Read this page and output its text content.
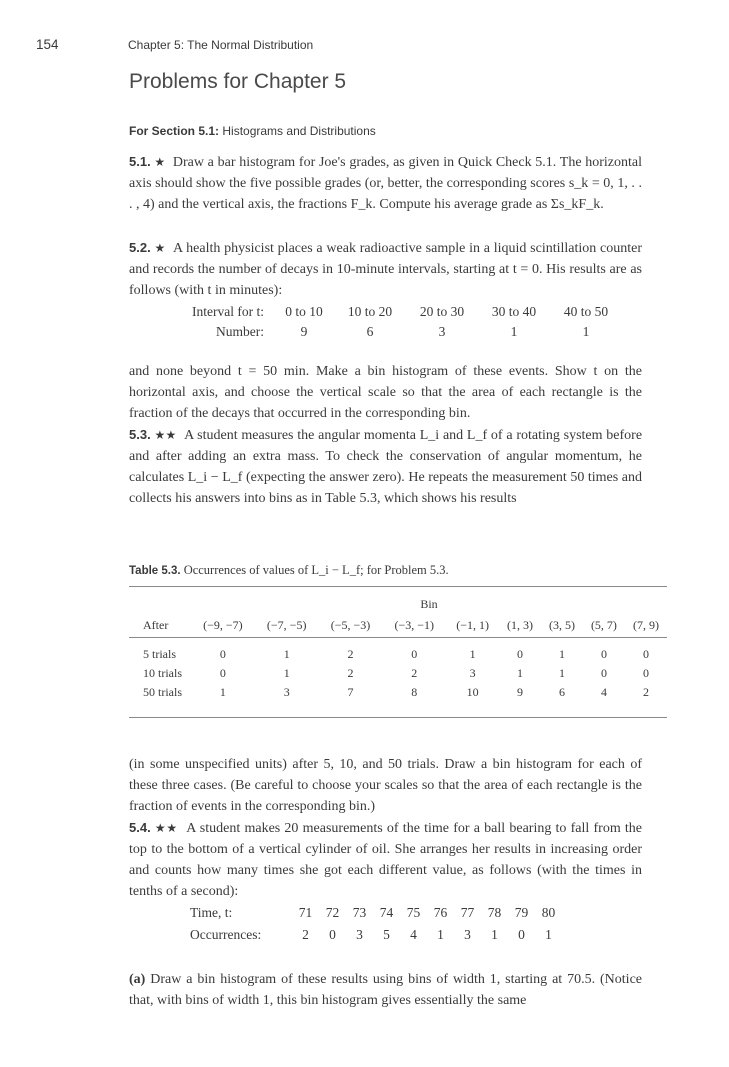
154	Chapter 5: The Normal Distribution
Problems for Chapter 5
For Section 5.1: Histograms and Distributions
5.1. ★ Draw a bar histogram for Joe's grades, as given in Quick Check 5.1. The horizontal axis should show the five possible grades (or, better, the corresponding scores s_k = 0, 1, . . . , 4) and the vertical axis, the fractions F_k. Compute his average grade as Σs_kF_k.
5.2. ★ A health physicist places a weak radioactive sample in a liquid scintillation counter and records the number of decays in 10-minute intervals, starting at t = 0. His results are as follows (with t in minutes):
Interval for t:	0 to 10	10 to 20	20 to 30	30 to 40	40 to 50
Number:	9	6	3	1	1
and none beyond t = 50 min. Make a bin histogram of these events. Show t on the horizontal axis, and choose the vertical scale so that the area of each rectangle is the fraction of the decays that occurred in the corresponding bin.
5.3. ★★ A student measures the angular momenta L_i and L_f of a rotating system before and after adding an extra mass. To check the conservation of angular momentum, he calculates L_i − L_f (expecting the answer zero). He repeats the measurement 50 times and collects his answers into bins as in Table 5.3, which shows his results
Table 5.3. Occurrences of values of L_i − L_f; for Problem 5.3.
	Bin								
After	(−9, −7)	(−7, −5)	(−5, −3)	(−3, −1)	(−1, 1)	(1, 3)	(3, 5)	(5, 7)	(7, 9)

5 trials	0	1	2	0	1	0	1	0	0
10 trials	0	1	2	2	3	1	1	0	0
50 trials	1	3	7	8	10	9	6	4	2
(in some unspecified units) after 5, 10, and 50 trials. Draw a bin histogram for each of these three cases. (Be careful to choose your scales so that the area of each rectangle is the fraction of events in the corresponding bin.)
5.4. ★★ A student makes 20 measurements of the time for a ball bearing to fall from the top to the bottom of a vertical cylinder of oil. She arranges her results in increasing order and counts how many times she got each different value, as follows (with the times in tenths of a second):
Time, t:	71	72	73	74	75	76	77	78	79	80
Occurrences:	2	0	3	5	4	1	3	1	0	1
(a) Draw a bin histogram of these results using bins of width 1, starting at 70.5. (Notice that, with bins of width 1, this bin histogram gives essentially the same
